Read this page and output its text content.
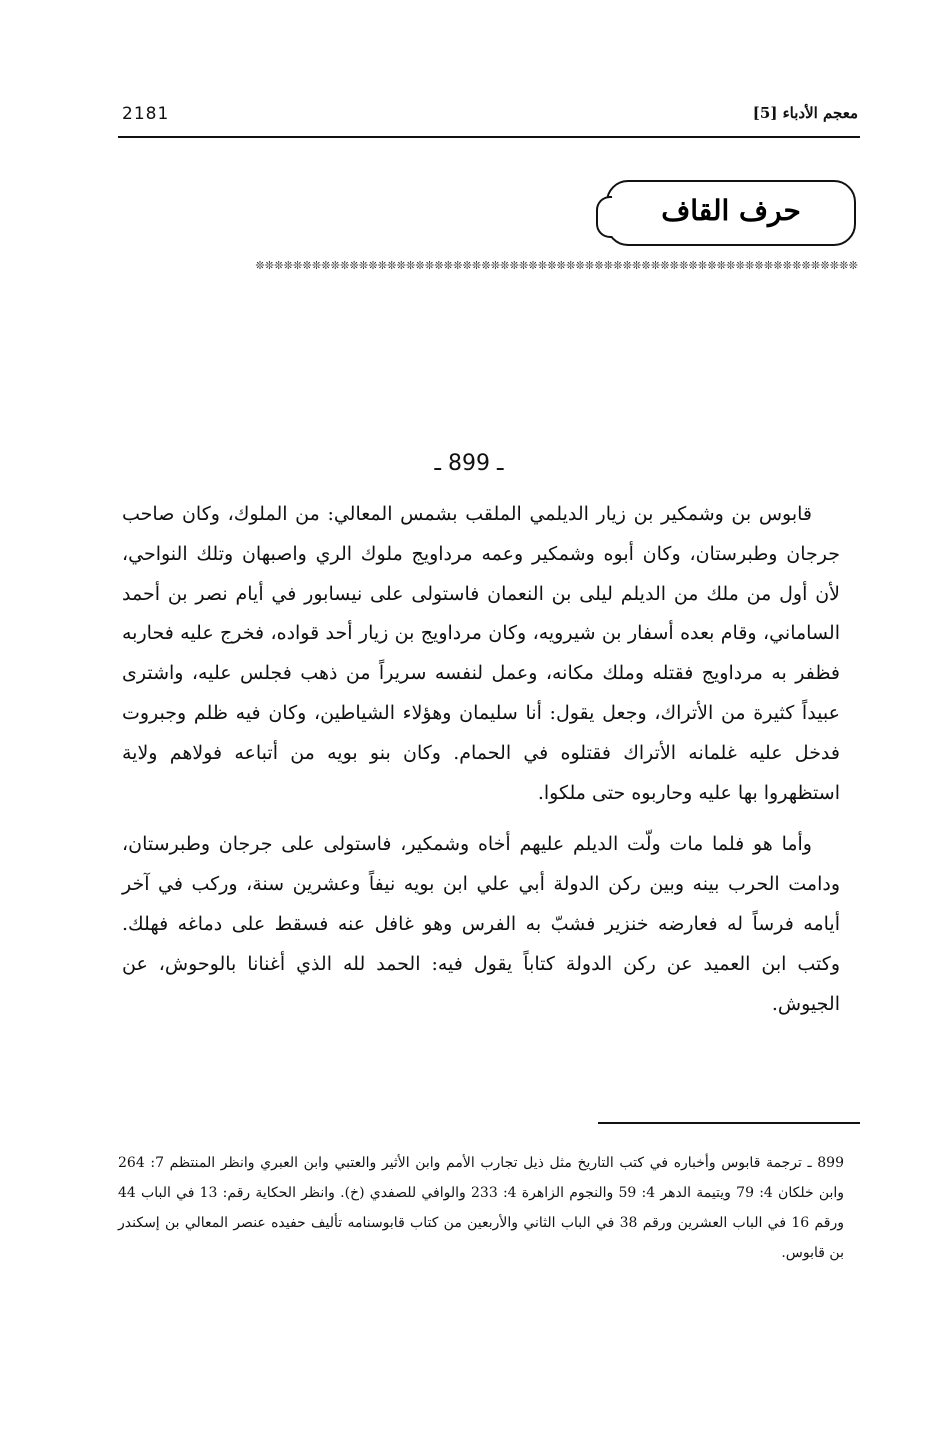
2181	معجم الأدباء [5]
حرف القاف
❊❊❊❊❊❊❊❊❊❊❊❊❊❊❊❊❊❊❊❊❊❊❊❊❊❊❊❊❊❊❊❊❊❊❊❊❊❊❊❊❊❊❊❊❊❊❊❊❊❊❊❊❊❊❊❊❊❊❊❊❊❊❊❊
ـ 899 ـ

قابوس بن وشمكير بن زيار الديلمي الملقب بشمس المعالي: من الملوك، وكان صاحب جرجان وطبرستان، وكان أبوه وشمكير وعمه مرداويج ملوك الري واصبهان وتلك النواحي، لأن أول من ملك من الديلم ليلى بن النعمان فاستولى على نيسابور في أيام نصر بن أحمد الساماني، وقام بعده أسفار بن شيرويه، وكان مرداويج بن زيار أحد قواده، فخرج عليه فحاربه فظفر به مرداويج فقتله وملك مكانه، وعمل لنفسه سريراً من ذهب فجلس عليه، واشترى عبيداً كثيرة من الأتراك، وجعل يقول: أنا سليمان وهؤلاء الشياطين، وكان فيه ظلم وجبروت فدخل عليه غلمانه الأتراك فقتلوه في الحمام. وكان بنو بويه من أتباعه فولاهم ولاية استظهروا بها عليه وحاربوه حتى ملكوا.

وأما هو فلما مات ولّت الديلم عليهم أخاه وشمكير، فاستولى على جرجان وطبرستان، ودامت الحرب بينه وبين ركن الدولة أبي علي ابن بويه نيفاً وعشرين سنة، وركب في آخر أيامه فرساً له فعارضه خنزير فشبّ به الفرس وهو غافل عنه فسقط على دماغه فهلك. وكتب ابن العميد عن ركن الدولة كتاباً يقول فيه: الحمد لله الذي أغنانا بالوحوش، عن الجيوش.

899 ـ ترجمة قابوس وأخباره في كتب التاريخ مثل ذيل تجارب الأمم وابن الأثير والعتبي وابن العبري وانظر المنتظم 7: 264 وابن خلكان 4: 79 ويتيمة الدهر 4: 59 والنجوم الزاهرة 4: 233 والوافي للصفدي (خ). وانظر الحكاية رقم: 13 في الباب 44 ورقم 16 في الباب العشرين ورقم 38 في الباب الثاني والأربعين من كتاب قابوسنامه تأليف حفيده عنصر المعالي بن إسكندر بن قابوس.
